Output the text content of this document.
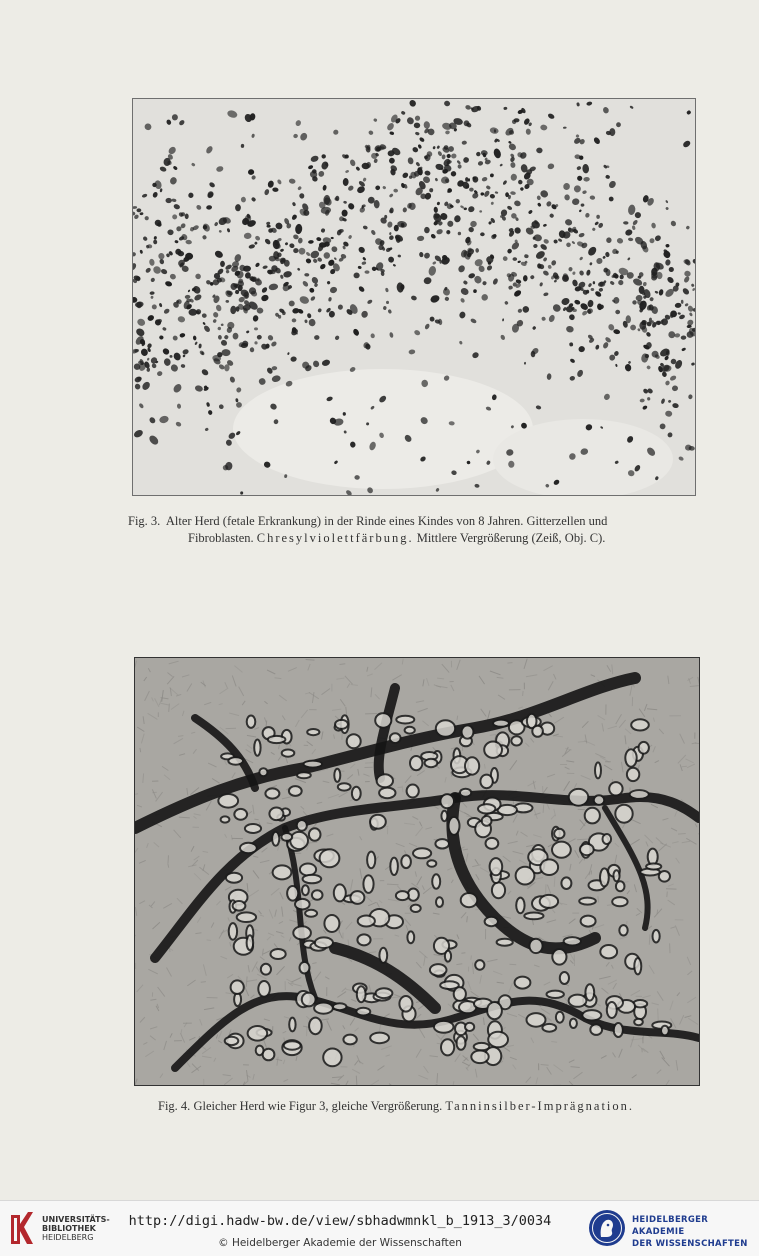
Fig. 3. Alter Herd (fetale Erkrankung) in der Rinde eines Kindes von 8 Jahren. Gitterzellen und
Fibroblasten. Chresylviolettfärbung. Mittlere Vergrößerung (Zeiß, Obj. C).
Fig. 4. Gleicher Herd wie Figur 3, gleiche Vergrößerung. Tanninsilber-Imprägnation.
UNIVERSITÄTS-
BIBLIOTHEK
HEIDELBERG
http://digi.hadw-bw.de/view/sbhadwmnkl_b_1913_3/0034
© Heidelberger Akademie der Wissenschaften
HEIDELBERGER AKADEMIE
DER WISSENSCHAFTEN
